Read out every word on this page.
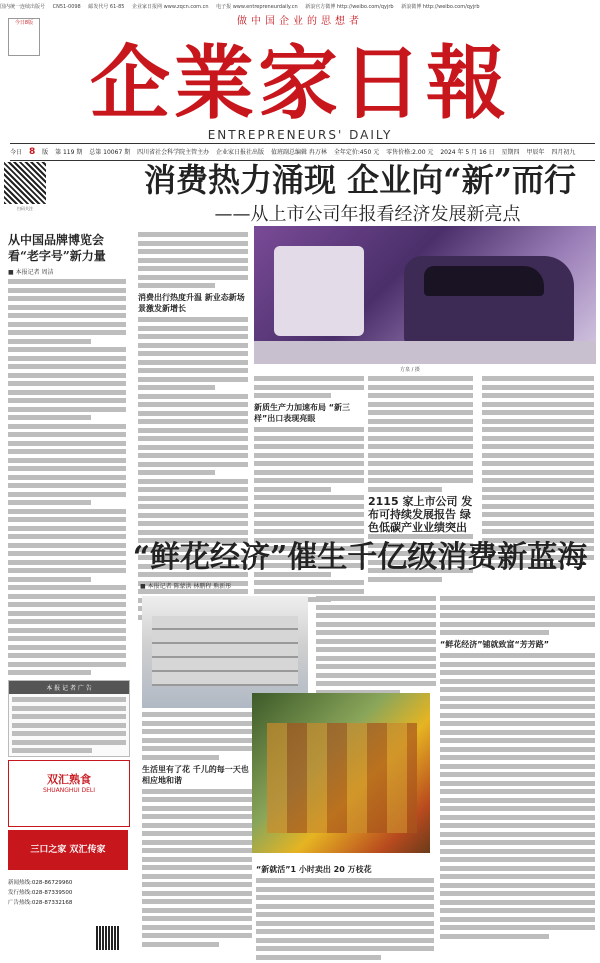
国内统一连续出版号 CN51-0098 邮发代号 61-85 企业家日报网 www.zqcn.com.cn 电子报 www.entrepreneurdaily.cn 新浪官方微博 http://weibo.com/qyjrb 新浪微博 http://weibo.com/qyjrb
今日8版	做中国企业的思想者
企業家日報
ENTREPRENEURS' DAILY
今日 8 版 第 119 期 总第 10067 期 四川省社会科学院主管主办 企业家日报社出版 值班副总编辑 冉万林 全年定价:450 元 零售价格:2.00 元 2024 年 5 月 16 日 星期四 甲辰年 四月初九
扫码关注
消费热力涌现 企业向“新”而行
——从上市公司年报看经济发展新亮点

从中国品牌博览会看“老字号”新力量

■ 本报记者 周洁
本 报 记 者 广 告
双汇熟食
SHUANGHUI DELI
三口之家 双汇传家
新闻热线:028-86729960
发行热线:028-87339500
广告热线:028-87332168
消费出行热度升温 新业态新场景激发新增长
方泉 / 摄
新质生产力加速布局 “新三样”出口表现亮眼
2115 家上市公司 发布可持续发展报告 绿色低碳产业业绩突出
“鲜花经济”催生千亿级消费新蓝海
■ 本报记者 陈蒙洪 林鹏程 熊新彤
生活里有了花 千儿的每一天也相应地和谐
“新就活”1 小时卖出 20 万枝花
“鲜花经济”铺就致富“芳芳路”
